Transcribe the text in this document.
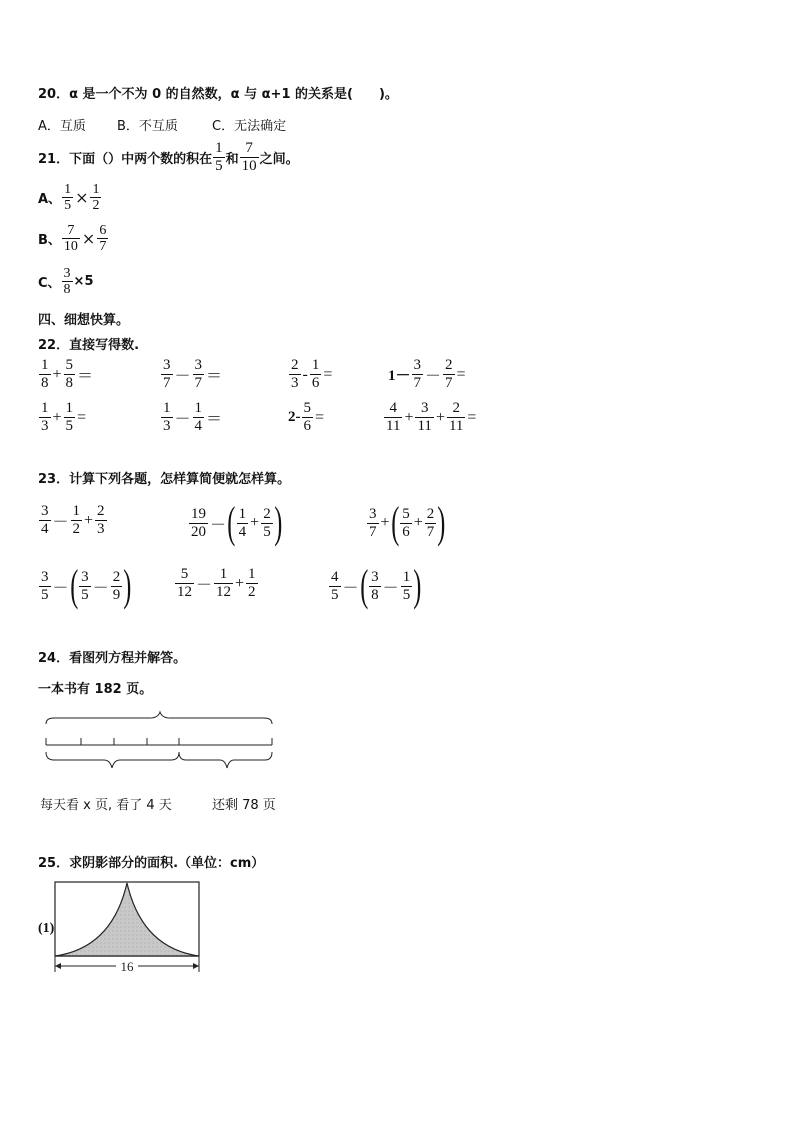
20．α 是一个不为 0 的自然数，α 与 α+1 的关系是(　　)。
A．互质 B．不互质	C．无法确定
21．下面（）中两个数的积在 $\frac{1}{5}$ 和 $\frac{7}{10}$ 之间。
A、 $\frac{1}{5} \times \frac{1}{2}$
B、 $\frac{7}{10} \times \frac{6}{7}$
C、 $\frac{3}{8} \times 5$
四、细想快算。
22．直接写得数.
$\frac{1}{8} + \frac{5}{8}$ ＝	$\frac{3}{7} - \frac{3}{7}$ ＝	$\frac{2}{3} - \frac{1}{6}$ =	$1- \frac{3}{7} - \frac{2}{7}$ =
$\frac{1}{3} + \frac{1}{5}$ =	$\frac{1}{3} - \frac{1}{4}$ ＝	$2- \frac{5}{6}$ =	$\frac{4}{11} + \frac{3}{11} + \frac{2}{11}$ =
23．计算下列各题，怎样算简便就怎样算。
$\frac{3}{4} - \frac{1}{2} + \frac{2}{3}$	$\frac{19}{20}$ － ( $\frac{1}{4} + \frac{2}{5}$ )	$\frac{3}{7}$ + ( $\frac{5}{6} + \frac{2}{7}$ )
$\frac{3}{5}$ － ( $\frac{3}{5} - \frac{2}{9}$ )	$\frac{5}{12} - \frac{1}{12} + \frac{1}{2}$	$\frac{4}{5}$ － ( $\frac{3}{8} - \frac{1}{5}$ )
24．看图列方程并解答。
一本书有 182 页。
每天看 x 页, 看了 4 天	还剩 78 页
25．求阴影部分的面积.（单位：cm）
(1)
16
